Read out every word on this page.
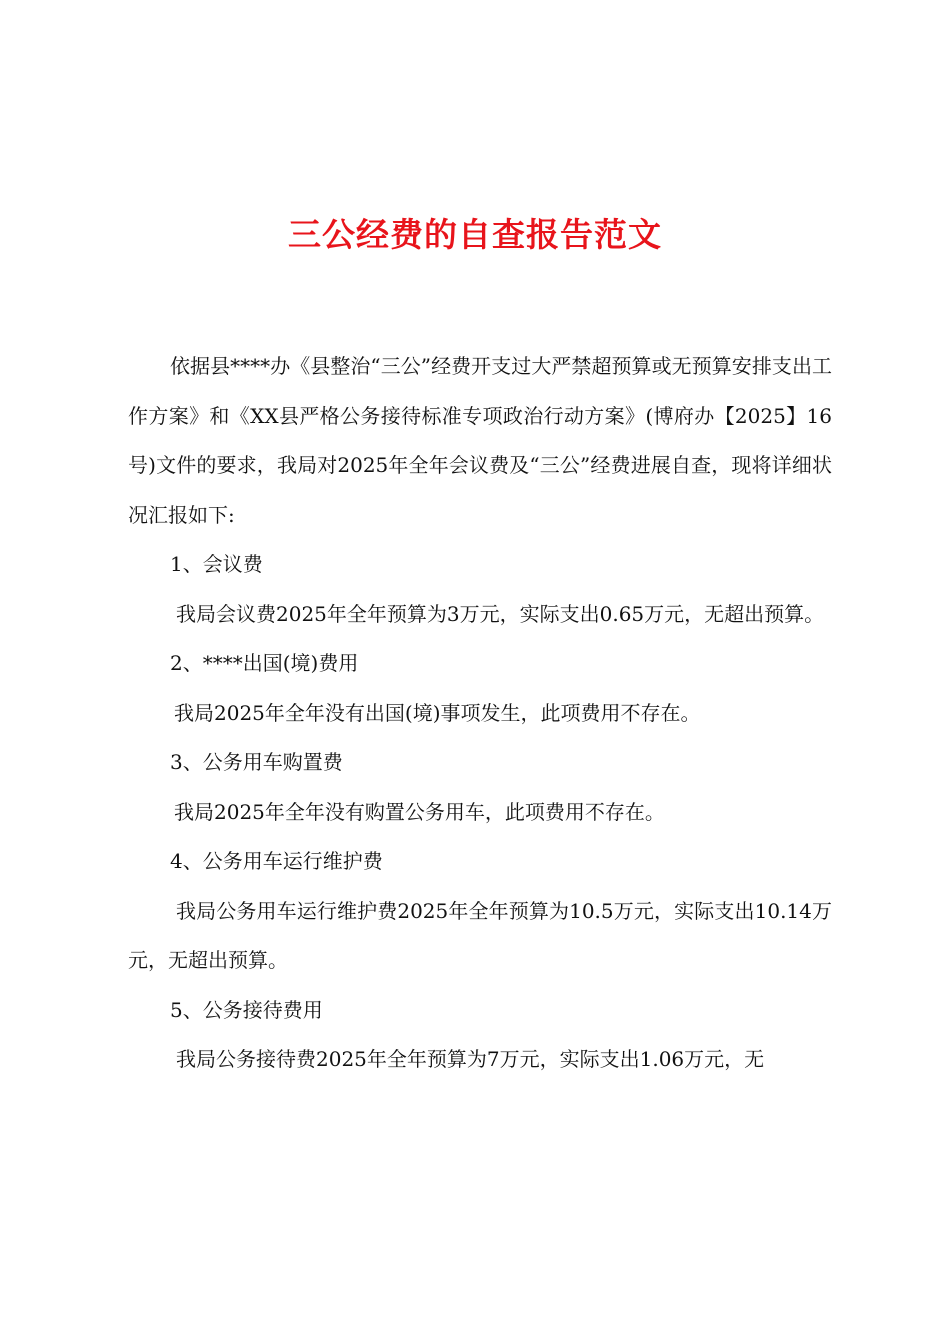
三公经费的自查报告范文

依据县****办《县整治“三公”经费开支过大严禁超预算或无预算安排支出工作方案》和《XX县严格公务接待标准专项政治行动方案》(博府办【2025】16号)文件的要求，我局对2025年全年会议费及“三公”经费进展自查，现将详细状况汇报如下:

1、会议费

我局会议费2025年全年预算为3万元，实际支出0.65万元，无超出预算。

2、****出国(境)费用

我局2025年全年没有出国(境)事项发生，此项费用不存在。

3、公务用车购置费

我局2025年全年没有购置公务用车，此项费用不存在。

4、公务用车运行维护费

我局公务用车运行维护费2025年全年预算为10.5万元，实际支出10.14万元，无超出预算。

5、公务接待费用

我局公务接待费2025年全年预算为7万元，实际支出1.06万元，无
